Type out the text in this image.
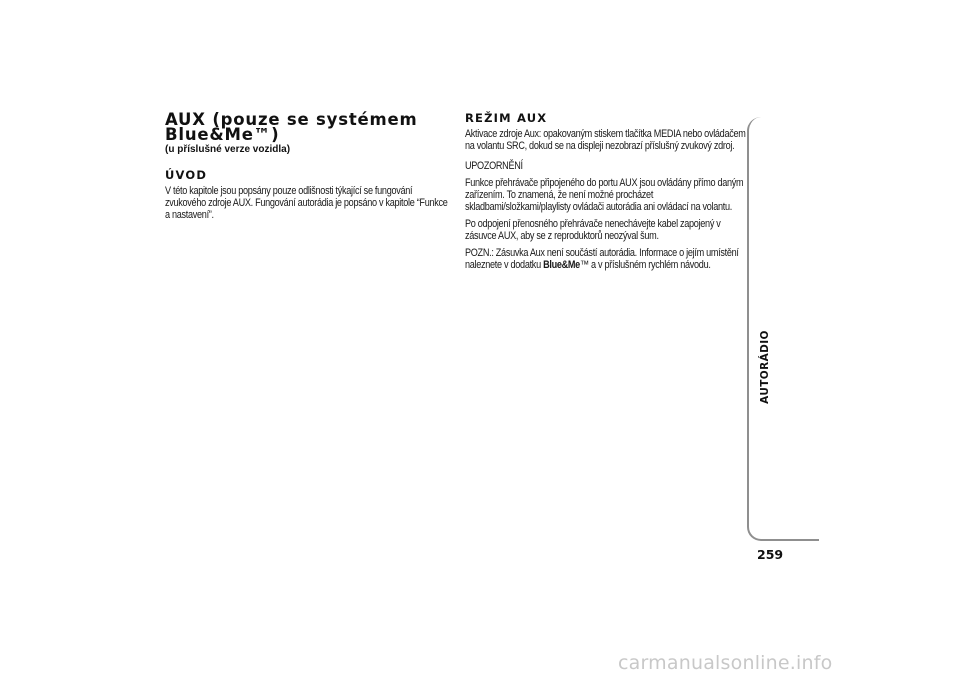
AUX (pouze se systémem
Blue&Me™)

(u příslušné verze vozidla)

ÚVOD

V této kapitole jsou popsány pouze odlišnosti týkající se fungování zvukového zdroje AUX. Fungování autorádia je popsáno v kapitole “Funkce a nastavení”.

REŽIM AUX

Aktivace zdroje Aux: opakovaným stiskem tlačítka MEDIA nebo ovládačem na volantu SRC, dokud se na displeji nezobrazí příslušný zvukový zdroj.

UPOZORNĚNÍ

Funkce přehrávače připojeného do portu AUX jsou ovládány přímo daným zařízením. To znamená, že není možné procházet skladbami/složkami/playlisty ovládači autorádia ani ovládací na volantu.

Po odpojení přenosného přehrávače nenechávejte kabel zapojený v zásuvce AUX, aby se z reproduktorů neozýval šum.

POZN.: Zásuvka Aux není součástí autorádia. Informace o jejím umístění naleznete v dodatku Blue&Me™ a v příslušném rychlém návodu.

AUTORÁDIO
259
carmanualsonline.info
